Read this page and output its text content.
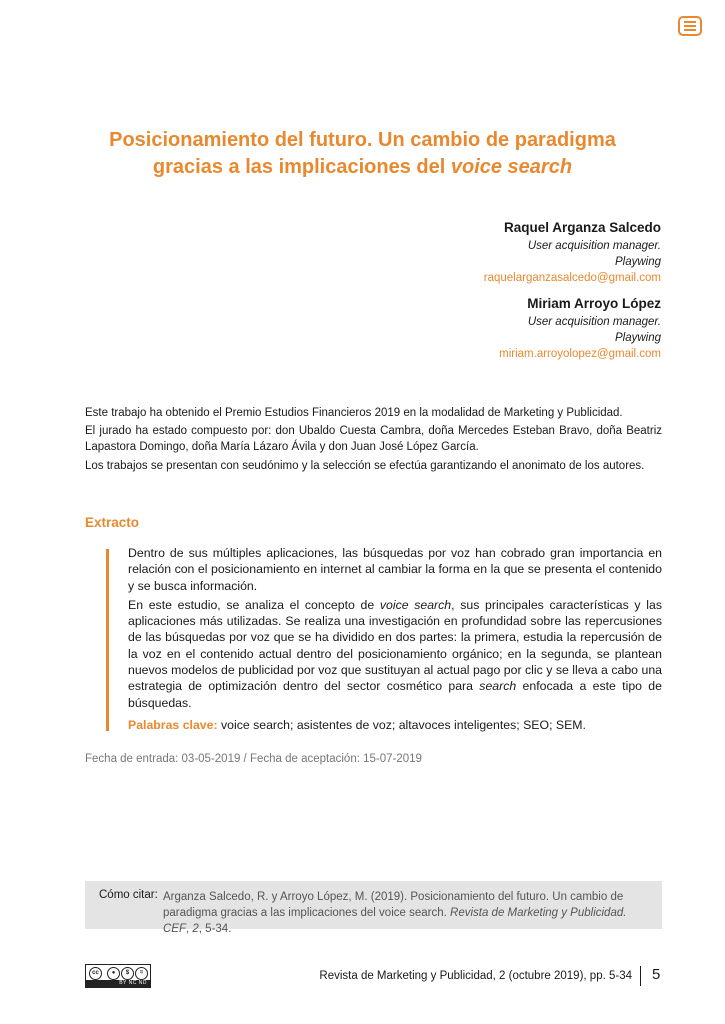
Posicionamiento del futuro. Un cambio de paradigma
gracias a las implicaciones del voice search
Raquel Arganza Salcedo
User acquisition manager.
Playwing
raquelarganzasalcedo@gmail.com
Miriam Arroyo López
User acquisition manager.
Playwing
miriam.arroyolopez@gmail.com

Este trabajo ha obtenido el Premio Estudios Financieros 2019 en la modalidad de Marketing y Publicidad.

El jurado ha estado compuesto por: don Ubaldo Cuesta Cambra, doña Mercedes Esteban Bravo, doña Beatriz Lapastora Domingo, doña María Lázaro Ávila y don Juan José López García.

Los trabajos se presentan con seudónimo y la selección se efectúa garantizando el anonimato de los autores.

Extracto

Dentro de sus múltiples aplicaciones, las búsquedas por voz han cobrado gran importancia en relación con el posicionamiento en internet al cambiar la forma en la que se presenta el contenido y se busca información.

En este estudio, se analiza el concepto de voice search, sus principales características y las aplicaciones más utilizadas. Se realiza una investigación en profundidad sobre las repercusiones de las búsquedas por voz que se ha dividido en dos partes: la primera, estudia la repercusión de la voz en el contenido actual dentro del posicionamiento orgánico; en la segunda, se plantean nuevos modelos de publicidad por voz que sustituyan al actual pago por clic y se lleva a cabo una estrategia de optimización dentro del sector cosmético para search enfocada a este tipo de búsquedas.

Palabras clave: voice search; asistentes de voz; altavoces inteligentes; SEO; SEM.

Fecha de entrada: 03-05-2019 / Fecha de aceptación: 15-07-2019
Cómo citar: Arganza Salcedo, R. y Arroyo López, M. (2019). Posicionamiento del futuro. Un cambio de paradigma gracias a las implicaciones del voice search. Revista de Marketing y Publicidad. CEF, 2, 5-34.
cc	●	$	=
BY NC ND
Revista de Marketing y Publicidad, 2 (octubre 2019), pp. 5-34 5
